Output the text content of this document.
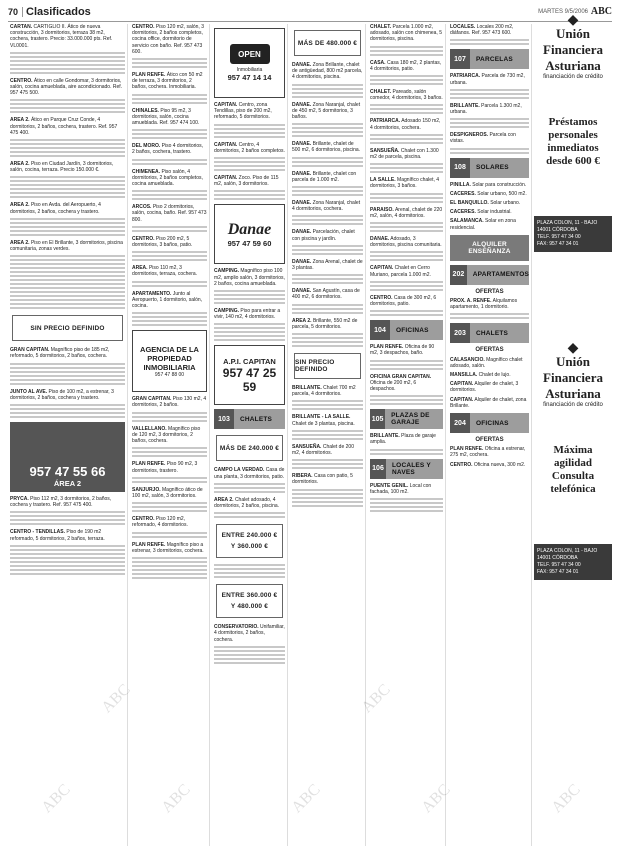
70 Clasificados	MARTES 9/5/2006 ABC
CARTAN. CARTIGLIO II. Ático de nueva construcción, 3 dormitorios, terraza 38 m2, cochera, trastero. Precio: 33.000.000 pts. Ref. VL0001.
CENTRO. Ático en calle Gondomar, 3 dormitorios, salón, cocina amueblada, aire acondicionado. Ref. 957 475 500.
AREA 2. Ático en Parque Cruz Conde, 4 dormitorios, 2 baños, cochera, trastero. Ref. 957 475 400.
AREA 2. Piso en Ciudad Jardín, 3 dormitorios, salón, cocina, terraza. Precio 150.000 €.
AREA 2. Piso en Avda. del Aeropuerto, 4 dormitorios, 2 baños, cochera y trastero.
AREA 2. Piso en El Brillante, 3 dormitorios, piscina comunitaria, zonas verdes.
SIN PRECIO DEFINIDO
GRAN CAPITAN. Magnífico piso de 185 m2, reformado, 5 dormitorios, 2 baños, cochera.
JUNTO AL AVE. Piso de 100 m2, a estrenar, 3 dormitorios, 2 baños, cochera y trastero.
957 47 55 66
ÁREA 2
PRYCA. Piso 112 m2, 3 dormitorios, 2 baños, cochera y trastero. Ref. 957 475 400.
CENTRO - TENDILLAS. Piso de 190 m2 reformado, 5 dormitorios, 2 baños, terraza.
CENTRO. Piso 120 m2, salón, 3 dormitorios, 2 baños completos, cocina office, dormitorio de servicio con baño. Ref. 957 473 600.
PLAN RENFE. Ático con 50 m2 de terraza, 3 dormitorios, 2 baños, cochera. Inmobiliaria.
CHINALES. Piso 95 m2, 3 dormitorios, salón, cocina amueblada. Ref. 957 474 100.
DEL MORO. Piso 4 dormitorios, 2 baños, cochera, trastero.
CHIMENEA. Piso salón, 4 dormitorios, 2 baños completos, cocina amueblada.
ARCOS. Piso 2 dormitorios, salón, cocina, baño. Ref. 957 473 800.
CENTRO. Piso 200 m2, 5 dormitorios, 3 baños, patio.
AREA. Piso 110 m2, 3 dormitorios, terraza, cochera.
APARTAMENTO. Junto al Aeropuerto, 1 dormitorio, salón, cocina.
AGENCIA DE LA PROPIEDAD INMOBILIARIA
957 47 88 00
GRAN CAPITAN. Piso 130 m2, 4 dormitorios, 2 baños.
VALLELLANO. Magnífico piso de 120 m2, 3 dormitorios, 2 baños, cochera.
PLAN RENFE. Piso 90 m2, 3 dormitorios, trastero.
SANJURJO. Magnífico ático de 100 m2, salón, 3 dormitorios.
CENTRO. Piso 120 m2, reformado, 4 dormitorios.
PLAN RENFE. Magnífico piso a estrenar, 3 dormitorios, cochera.
OPEN
Inmobiliaria
957 47 14 14
CAPITAN. Centro, zona Tendillas, piso de 200 m2, reformado, 5 dormitorios.
CAPITAN. Centro, 4 dormitorios, 2 baños completos.
CAPITAN. Zoco. Piso de 115 m2, salón, 3 dormitorios.
Danae
957 47 59 60
CAMPING. Magnífico piso 100 m2, amplio salón, 3 dormitorios, 2 baños, cocina amueblada.
CAMPING. Piso para entrar a vivir, 140 m2, 4 dormitorios.
A.P.I. CAPITAN
957 47 25 59
103	CHALETS
MÁS DE 240.000 €
CAMPO LA VERDAD. Casa de una planta, 3 dormitorios, patio.
AREA 2. Chalet adosado, 4 dormitorios, 2 baños, piscina.
ENTRE 240.000 €
Y 360.000 €
ENTRE 360.000 €
Y 480.000 €
CONSERVATORIO. Unifamiliar, 4 dormitorios, 2 baños, cochera.
MÁS DE 480.000 €
DANAE. Zona Brillante, chalet de antigüedad, 800 m2 parcela, 4 dormitorios, piscina.
DANAE. Zona Naranjal, chalet de 450 m2, 5 dormitorios, 3 baños.
DANAE. Brillante, chalet de 500 m2, 6 dormitorios, piscina.
DANAE. Brillante, chalet con parcela de 1.000 m2.
DANAE. Zona Naranjal, chalet 4 dormitorios, cochera.
DANAE. Parcelación, chalet con piscina y jardín.
DANAE. Zona Arenal, chalet de 3 plantas.
DANAE. San Agustín, casa de 400 m2, 6 dormitorios.
AREA 2. Brillante, 550 m2 de parcela, 5 dormitorios.
SIN PRECIO DEFINIDO
BRILLANTE. Chalet 700 m2 parcela, 4 dormitorios.
BRILLANTE - LA SALLE. Chalet de 3 plantas, piscina.
SANSUEÑA. Chalet de 200 m2, 4 dormitorios.
RIBERA. Casa con patio, 5 dormitorios.
CHALET. Parcela 1.000 m2, adosado, salón con chimenea, 5 dormitorios, piscina.
CASA. Casa 180 m2, 2 plantas, 4 dormitorios, patio.
CHALET. Pareado, salón comedor, 4 dormitorios, 3 baños.
PATRIARCA. Adosado 150 m2, 4 dormitorios, cochera.
SANSUEÑA. Chalet con 1.300 m2 de parcela, piscina.
LA SALLE. Magnífico chalet, 4 dormitorios, 3 baños.
PARAISO. Arenal, chalet de 220 m2, salón, 4 dormitorios.
DANAE. Adosado, 3 dormitorios, piscina comunitaria.
CAPITAN. Chalet en Cerro Muriano, parcela 1.000 m2.
CENTRO. Casa de 300 m2, 6 dormitorios, patio.
104	OFICINAS
PLAN RENFE. Oficina de 90 m2, 3 despachos, baño.
OFICINA GRAN CAPITAN. Oficina de 200 m2, 6 despachos.
105 PLAZAS DE GARAJE
BRILLANTE. Plaza de garaje amplia.
106	LOCALES Y NAVES
PUENTE GENIL. Local con fachada, 100 m2.
LOCALES. Locales 200 m2, diáfanos. Ref. 957 473 600.
107	PARCELAS
PATRIARCA. Parcela de 730 m2, urbana.
BRILLANTE. Parcela 1.300 m2, urbana.
DESPIGNEROS. Parcela con vistas.
108	SOLARES
PINILLA. Solar para construcción.
CACERES. Solar urbano, 500 m2.
EL BANQUILLO. Solar urbano.
CACERES. Solar industrial.
SALAMANCA. Solar en zona residencial.
ALQUILER
ENSEÑANZA
202	APARTAMENTOS
OFERTAS
PROX. A. RENFE. Alquilamos apartamento, 1 dormitorio.
203	CHALETS
OFERTAS
CALASANCIO. Magnífico chalet adosado, salón.
MANSILLA. Chalet de lujo.
CAPITAN. Alquiler de chalet, 3 dormitorios.
CAPITAN. Alquiler de chalet, zona Brillante.
204	OFICINAS
OFERTAS
PLAN RENFE. Oficina a estrenar, 275 m2, cochera.
CENTRO. Oficina nueva, 300 m2.
◆
Unión Financiera Asturiana
financiación de crédito
Préstamos
personales
inmediatos
desde 600 €
PLAZA COLON, 11 - BAJO
14001 CÓRDOBA
TELF. 957 47 34 00
FAX: 957 47 34 01
◆
Unión Financiera Asturiana
financiación de crédito
Máxima
agilidad
Consulta
telefónica
PLAZA COLON, 11 - BAJO
14001 CÓRDOBA
TELF. 957 47 34 00
FAX: 957 47 34 01
ABC	ABC	ABC	ABC	ABC
ABC	ABC
